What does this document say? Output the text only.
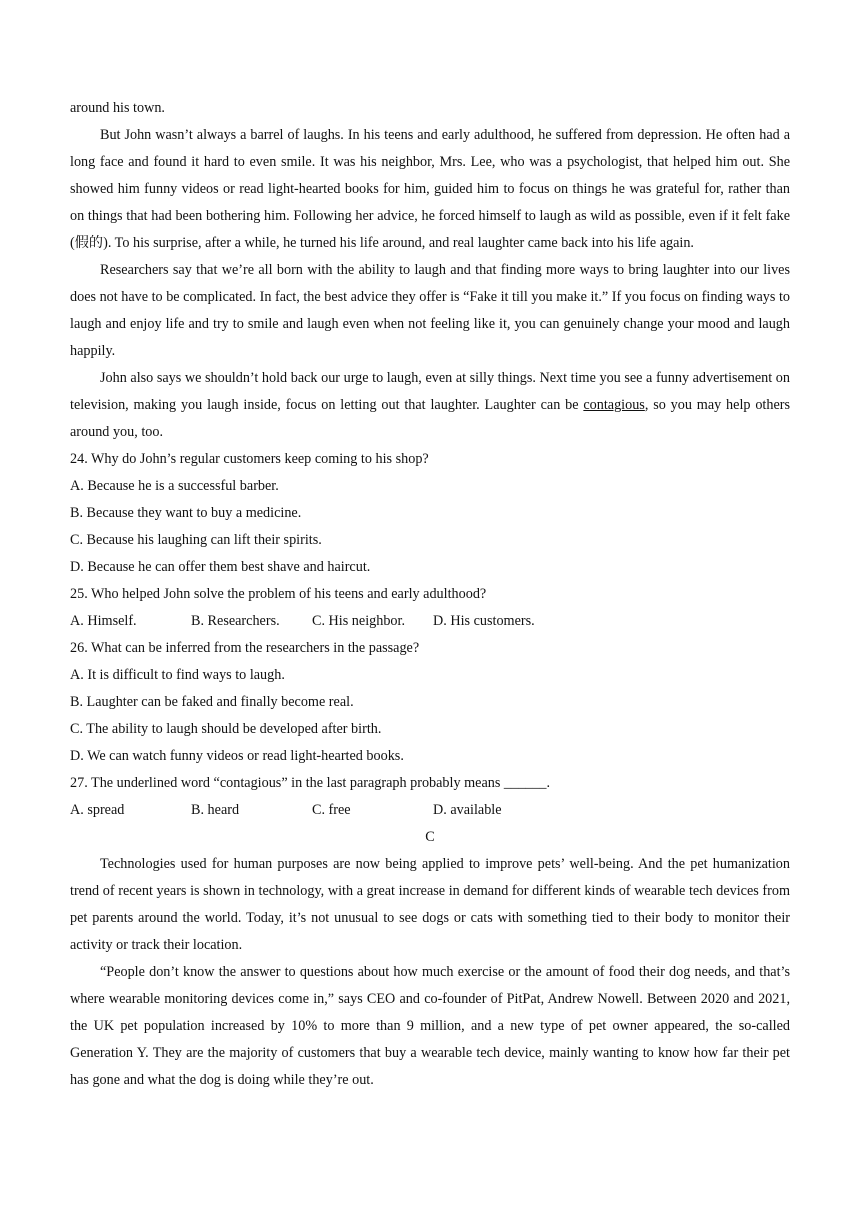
around his town.

But John wasn’t always a barrel of laughs. In his teens and early adulthood, he suffered from depression. He often had a long face and found it hard to even smile. It was his neighbor, Mrs. Lee, who was a psychologist, that helped him out. She showed him funny videos or read light-hearted books for him, guided him to focus on things he was grateful for, rather than on things that had been bothering him. Following her advice, he forced himself to laugh as wild as possible, even if it felt fake (假的). To his surprise, after a while, he turned his life around, and real laughter came back into his life again.

Researchers say that we’re all born with the ability to laugh and that finding more ways to bring laughter into our lives does not have to be complicated. In fact, the best advice they offer is “Fake it till you make it.” If you focus on finding ways to laugh and enjoy life and try to smile and laugh even when not feeling like it, you can genuinely change your mood and laugh happily.

John also says we shouldn’t hold back our urge to laugh, even at silly things. Next time you see a funny advertisement on television, making you laugh inside, focus on letting out that laughter. Laughter can be contagious, so you may help others around you, too.

24. Why do John’s regular customers keep coming to his shop?

A. Because he is a successful barber.

B. Because they want to buy a medicine.

C. Because his laughing can lift their spirits.

D. Because he can offer them best shave and haircut.

25. Who helped John solve the problem of his teens and early adulthood?

A. Himself.	B. Researchers.	C. His neighbor.	D. His customers.

26. What can be inferred from the researchers in the passage?

A. It is difficult to find ways to laugh.

B. Laughter can be faked and finally become real.

C. The ability to laugh should be developed after birth.

D. We can watch funny videos or read light-hearted books.

27. The underlined word “contagious” in the last paragraph probably means ______.

A. spread	B. heard	C. free	D. available

C

Technologies used for human purposes are now being applied to improve pets’ well-being. And the pet humanization trend of recent years is shown in technology, with a great increase in demand for different kinds of wearable tech devices from pet parents around the world. Today, it’s not unusual to see dogs or cats with something tied to their body to monitor their activity or track their location.

“People don’t know the answer to questions about how much exercise or the amount of food their dog needs, and that’s where wearable monitoring devices come in,” says CEO and co-founder of PitPat, Andrew Nowell. Between 2020 and 2021, the UK pet population increased by 10% to more than 9 million, and a new type of pet owner appeared, the so-called Generation Y. They are the majority of customers that buy a wearable tech device, mainly wanting to know how far their pet has gone and what the dog is doing while they’re out.
